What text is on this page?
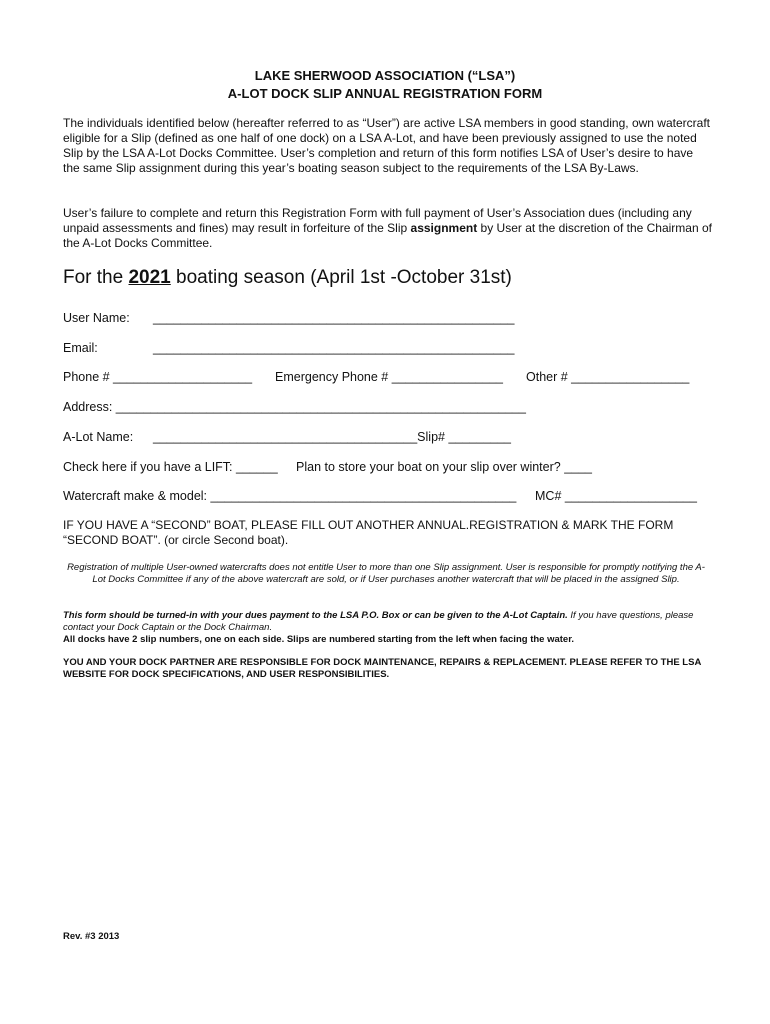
LAKE SHERWOOD ASSOCIATION (“LSA”)
A-LOT DOCK SLIP ANNUAL REGISTRATION FORM
The individuals identified below (hereafter referred to as “User”) are active LSA members in good standing, own watercraft eligible for a Slip (defined as one half of one dock) on a LSA A-Lot, and have been previously assigned to use the noted Slip by the LSA A-Lot Docks Committee. User’s completion and return of this form notifies LSA of User’s desire to have the same Slip assignment during this year’s boating season subject to the requirements of the LSA By-Laws.
User’s failure to complete and return this Registration Form with full payment of User’s Association dues (including any unpaid assessments and fines) may result in forfeiture of the Slip assignment by User at the discretion of the Chairman of the A-Lot Docks Committee.
For the 2021 boating season (April 1st -October 31st)
User Name: ____________________________________________________
Email:	____________________________________________________
Phone # ____________________ Emergency Phone # ________________ Other # _________________
Address: ___________________________________________________________
A-Lot Name: ______________________________________Slip# _________
Check here if you have a LIFT: ______ Plan to store your boat on your slip over winter? ____
Watercraft make & model: ____________________________________________ MC# ___________________
IF YOU HAVE A “SECOND” BOAT, PLEASE FILL OUT ANOTHER ANNUAL.REGISTRATION & MARK THE FORM “SECOND BOAT”. (or circle Second boat).
Registration of multiple User-owned watercrafts does not entitle User to more than one Slip assignment. User is responsible for promptly notifying the A-Lot Docks Committee if any of the above watercraft are sold, or if User purchases another watercraft that will be placed in the assigned Slip.
This form should be turned-in with your dues payment to the LSA P.O. Box or can be given to the A-Lot Captain. If you have questions, please contact your Dock Captain or the Dock Chairman.
All docks have 2 slip numbers, one on each side. Slips are numbered starting from the left when facing the water.
YOU AND YOUR DOCK PARTNER ARE RESPONSIBLE FOR DOCK MAINTENANCE, REPAIRS & REPLACEMENT. PLEASE REFER TO THE LSA WEBSITE FOR DOCK SPECIFICATIONS, AND USER RESPONSIBILITIES.
Rev. #3 2013
